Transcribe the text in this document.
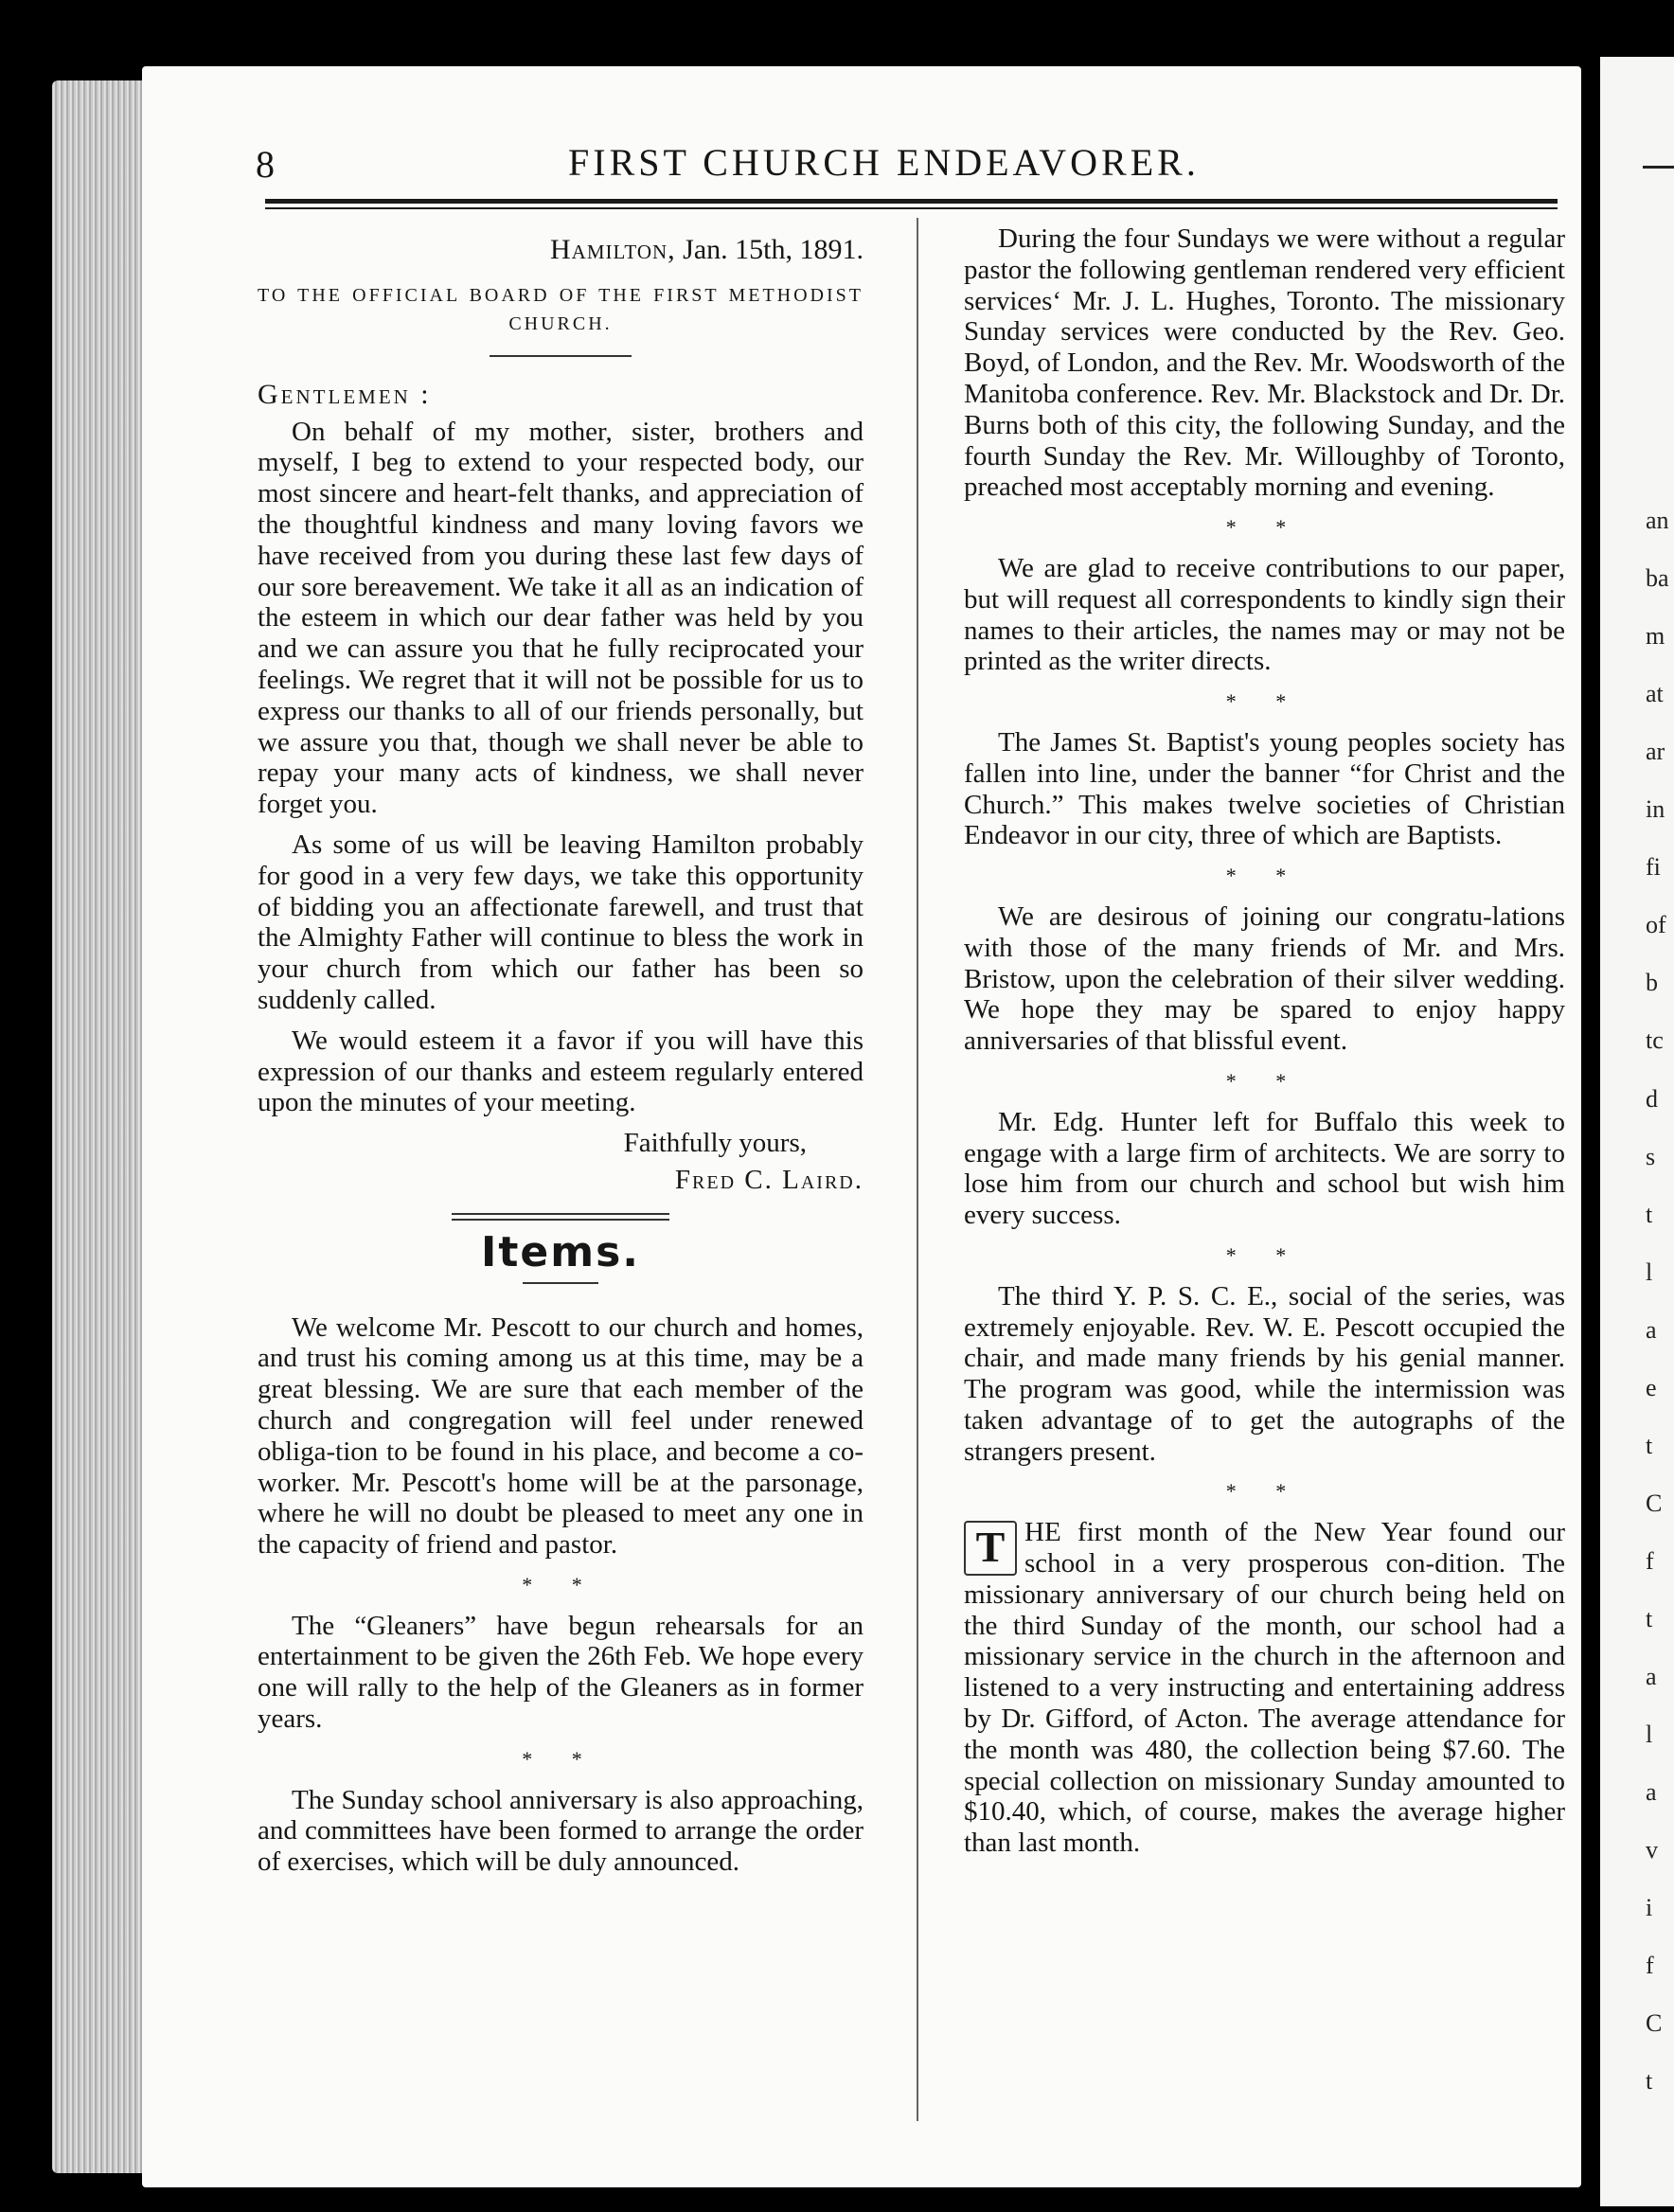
an
ba
m
at
ar
in
fi
of
b
tc
d
s
t
l
a
e
t
C
f
t
a
l
a
v
i
f
C
t
8	FIRST CHURCH ENDEAVORER.
Hamilton, Jan. 15th, 1891.
TO THE OFFICIAL BOARD OF THE FIRST METHODIST CHURCH.
Gentlemen :

On behalf of my mother, sister, brothers and myself, I beg to extend to your respected body, our most sincere and heart-felt thanks, and appreciation of the thoughtful kindness and many loving favors we have received from you during these last few days of our sore bereavement. We take it all as an indication of the esteem in which our dear father was held by you and we can assure you that he fully reciprocated your feelings. We regret that it will not be possible for us to express our thanks to all of our friends personally, but we assure you that, though we shall never be able to repay your many acts of kindness, we shall never forget you.

As some of us will be leaving Hamilton probably for good in a very few days, we take this opportunity of bidding you an affectionate farewell, and trust that the Almighty Father will continue to bless the work in your church from which our father has been so suddenly called.

We would esteem it a favor if you will have this expression of our thanks and esteem regularly entered upon the minutes of your meeting.

Faithfully yours,
Fred C. Laird.
Items.

We welcome Mr. Pescott to our church and homes, and trust his coming among us at this time, may be a great blessing. We are sure that each member of the church and congregation will feel under renewed obliga-tion to be found in his place, and become a co-worker. Mr. Pescott's home will be at the parsonage, where he will no doubt be pleased to meet any one in the capacity of friend and pastor.

* *

The “Gleaners” have begun rehearsals for an entertainment to be given the 26th Feb. We hope every one will rally to the help of the Gleaners as in former years.

* *

The Sunday school anniversary is also approaching, and committees have been formed to arrange the order of exercises, which will be duly announced.

During the four Sundays we were without a regular pastor the following gentleman rendered very efficient services‘ Mr. J. L. Hughes, Toronto. The missionary Sunday services were conducted by the Rev. Geo. Boyd, of London, and the Rev. Mr. Woodsworth of the Manitoba conference. Rev. Mr. Blackstock and Dr. Dr. Burns both of this city, the following Sunday, and the fourth Sunday the Rev. Mr. Willoughby of Toronto, preached most acceptably morning and evening.

* *

We are glad to receive contributions to our paper, but will request all correspondents to kindly sign their names to their articles, the names may or may not be printed as the writer directs.

* *

The James St. Baptist's young peoples society has fallen into line, under the banner “for Christ and the Church.” This makes twelve societies of Christian Endeavor in our city, three of which are Baptists.

* *

We are desirous of joining our congratu-lations with those of the many friends of Mr. and Mrs. Bristow, upon the celebration of their silver wedding. We hope they may be spared to enjoy happy anniversaries of that blissful event.

* *

Mr. Edg. Hunter left for Buffalo this week to engage with a large firm of architects. We are sorry to lose him from our church and school but wish him every success.

* *

The third Y. P. S. C. E., social of the series, was extremely enjoyable. Rev. W. E. Pescott occupied the chair, and made many friends by his genial manner. The program was good, while the intermission was taken advantage of to get the autographs of the strangers present.

* *

T HE first month of the New Year found our school in a very prosperous con-dition. The missionary anniversary of our church being held on the third Sunday of the month, our school had a missionary service in the church in the afternoon and listened to a very instructing and entertaining address by Dr. Gifford, of Acton. The average attendance for the month was 480, the collection being $7.60. The special collection on missionary Sunday amounted to $10.40, which, of course, makes the average higher than last month.
